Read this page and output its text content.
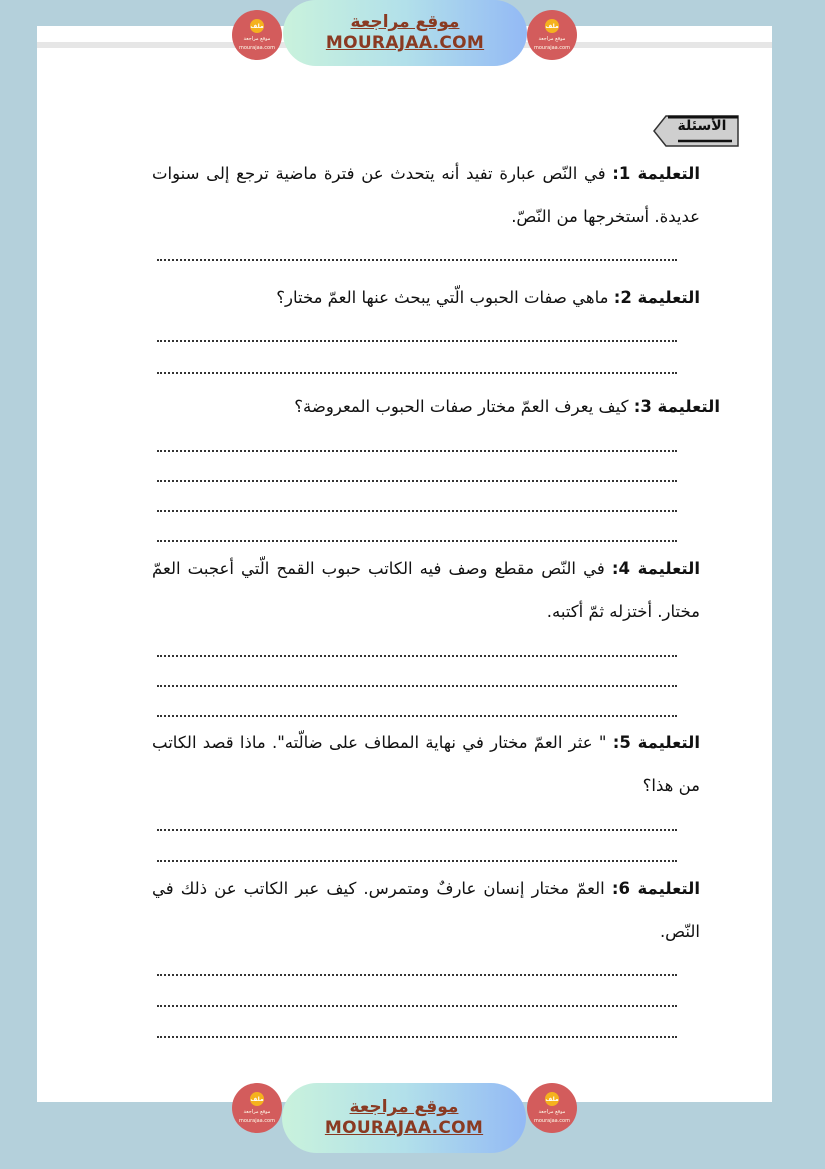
ملف
موقع مراجعة
mourajaa.com
موقع مراجعة
MOURAJAA.COM
ملف
موقع مراجعة
mourajaa.com
الأسئلة
التعليمة 1: في النّص عبارة تفيد أنه يتحدث عن فترة ماضية ترجع إلى سنوات عديدة. أستخرجها من النّصّ.
التعليمة 2: ماهي صفات الحبوب الّتي يبحث عنها العمّ مختار؟
التعليمة 3: كيف يعرف العمّ مختار صفات الحبوب المعروضة؟
التعليمة 4: في النّص مقطع وصف فيه الكاتب حبوب القمح الّتي أعجبت العمّ مختار. أختزله ثمّ أكتبه.
التعليمة 5: " عثر العمّ مختار في نهاية المطاف على ضالّته". ماذا قصد الكاتب من هذا؟
التعليمة 6: العمّ مختار إنسان عارفٌ ومتمرس. كيف عبر الكاتب عن ذلك في النّص.
ملف
موقع مراجعة
mourajaa.com
موقع مراجعة
MOURAJAA.COM
ملف
موقع مراجعة
mourajaa.com
